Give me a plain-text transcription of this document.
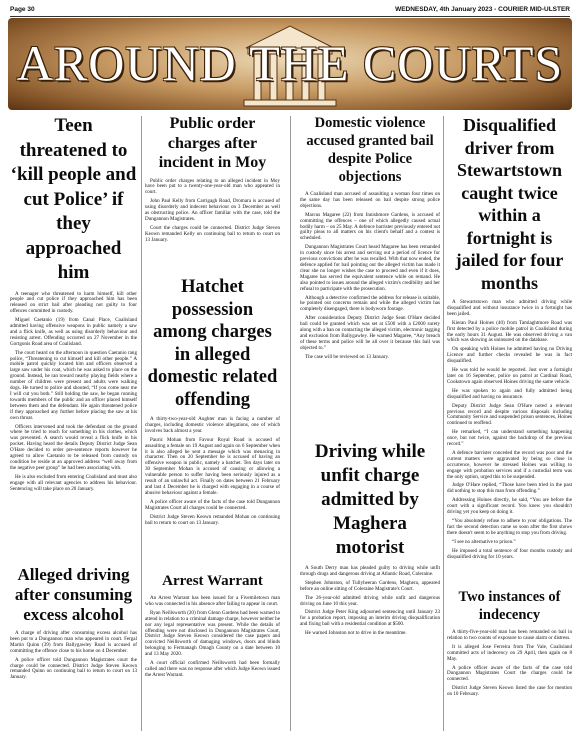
Page 30	WEDNESDAY, 4th January 2023 - COURIER MID-ULSTER
AROUND THE COURTS
Teen threatened to ‘kill people and cut Police’ if they approached him

A teenager who threatened to harm himself, kill other people and cut police if they approached him has been released on strict bail after pleading not guilty to four offences committed in custody.

Miguel Caetanio (19) from Canal Place, Coalisland admitted having offensive weapons in public namely a saw and a flick knife, as well as using disorderly behaviour and resisting arrest. Offending occurred on 27 November in the Gortgonis Road area of Coalisland.

The court heard on the afternoon in question Caetanio rang police, “Threatening to cut himself and kill other people.” A mobile patrol quickly located him and officers observed a large saw under his coat, which he was asked to place on the ground. Instead, he ran toward nearby playing fields where a number of children were present and adults were walking dogs. He turned to police and shouted, “If you come near me I will cut you both.” Still holding the saw, he began running towards members of the public and an officer placed himself between them and the defendant. He again threatened police if they approached any further before placing the saw at his own throat.

Officers intervened and took the defendant on the ground where he tried to reach for something in his clothes, which was prevented. A search would reveal a flick knife in his pocket. Having heard the details Deputy District Judge Sean O'Hare decided to order pre-sentence reports however he agreed to allow Caetanio to be released from custody on condition he reside at an approved address “well away from the negative peer group” he had been associating with.

He is also excluded from entering Coalisland and must also engage with all relevant agencies to address his behaviour. Sentencing will take place on 20 January.

Alleged driving after consuming excess alcohol

A charge of driving after consuming excess alcohol has been put to a Dungannon man who appeared in court. Fergal Martin Quinn (39) from Ballygawley Road is accused of committing the offence close to his home on 4 December.

A police officer told Dungannon Magistrates court the charge could be connected. District Judge Steven Keown remanded Quinn on continuing bail to return to court on 13 January.

Public order charges after incident in Moy

Public order charges relating to an alleged incident in Moy have been put to a twenty-one-year-old man who appeared in court.

John Paul Kelly from Carrigagh Road, Dromara is accused of using disorderly and indecent behaviour on 3 December as well as obstructing police. An officer familiar with the case, told the Dungannon Magistrates.

Court the charges could be connected. District Judge Steven Keown remanded Kelly on continuing bail to return to court on 13 January.

Hatchet possession among charges in alleged domestic related offending

A thirty-two-year-old Aughter man is facing a number of charges, including domestic violence allegations, one of which involves back almost a year.

Pauric Mohan from Favour Royal Road is accused of assaulting a female on 19 August and again on 6 September when it is also alleged he sent a message which was menacing in character. Then on 20 September he is accused of having an offensive weapon in public, namely a hatchet. Ten days later on 30 September Mohan is accused of causing or allowing a vulnerable person to suffer having been seriously injured as a result of an unlawful act. Finally on dates between 21 February and last 4 December he is charged with engaging in a course of abusive behaviour against a female.

A police officer aware of the facts of the case told Dungannon Magistrates Court all charges could be connected.

District Judge Steven Keown remanded Mohan on continuing bail to return to court on 13 January.

Arrest Warrant

An Arrest Warrant has been issued for a Fivemiletown man who was connected in his absence after failing to appear in court.

Ryan Neillsworth (20) from Glenn Gardens had been warned to attend in relation to a criminal damage charge, however neither he nor any legal representative was present. While the details of offending were not disclosed in Dungannon Magistrates Court, District Judge Steven Keown considered the case papers and convicted Neillsworth of damaging windows, doors and blinds belonging to Fermanagh Omagh County on a date between 10 and 13 May 2020.

A court official confirmed Neillsworth had been formally called and there was no response after which Judge Keown issued the Arrest Warrant.

Domestic violence accused granted bail despite Police objections

A Coalisland man accused of assaulting a woman four times on the same day has been released on bail despite strong police objections.

Marcus Magaree (22) from Innishmore Gardens, is accused of committing the offences – one of which allegedly caused actual bodily harm – on 25 May. A defence barrister previously entered not guilty pleas to all matters on his client's behalf and a contest is scheduled.

Dungannon Magistrates Court heard Magaree has been remanded in custody since his arrest and serving out a period of licence for previous convictions after he was recalled. With that now ended, the defence applied for bail pointing out the alleged victim has made it clear she no longer wishes the case to proceed and even if it does, Magaree has served the equivalent sentence while on remand. He also pointed to issues around the alleged victim's credibility and her refusal to participate with the prosecution.

Although a detective confirmed the address for release is suitable, he pointed out concerns remain and while the alleged victim has completely disengaged, there is bodyworn footage.

After consideration Deputy District Judge Sean O'Hare decided bail could be granted which was set at £500 with a £2000 surety along with a ban on contacting the alleged victim, electronic tagging and exclusion from Ballygawley. He warned Magaree, “Any breach of these terms and police will be all over it because this bail was objected to.”

The case will be reviewed on 13 January.

Driving while unfit charge admitted by Maghera motorist

A South Derry man has pleaded guilty to driving while unfit through drugs and dangerous driving at Atlantic Road, Coleraine.

Stephen Johnston, of Tullyheeran Gardens, Maghera, appeared before an online sitting of Coleraine Magistrate's Court.

The 26-year-old admitted driving while unfit and dangerous driving on June 10 this year.

District Judge Peter King adjourned sentencing until January 23 for a probation report, imposing an interim driving disqualification and fixing bail with a residential condition at $500.

He warned Johnston not to drive in the meantime.

Disqualified driver from Stewartstown caught twice within a fortnight is jailed for four months

A Stewartstown man who admitted driving while disqualified and without insurance twice in a fortnight has been jailed.

Kieran Paul Hoines (40) from Tamlaghtmore Road was first detected by a police mobile patrol in Coalisland during the early hours 31 August. He was observed driving a van which was showing as uninsured on the database.

On speaking with Hoines he admitted having no Driving Licence and further checks revealed he was in fact disqualified.

He was told he would be reported. Just over a fortnight later on 16 September, police on patrol at Cardinal Road, Cookstown again observed Hoines driving the same vehicle.

He was spoken to again and fully admitted being disqualified and having no insurance.

Deputy District Judge Sean O'Hare noted a relevant previous record and despite various disposals including Community Service and suspended prison sentences, Hoines continued to reoffend.

He remarked, “I can understand something happening once, but not twice, against the backdrop of the previous record.”

A defence barrister conceded the record was poor and the current matters were aggravated by being so close in occurrence, however he stressed Hoines was willing to engage with probation services and if a custodial term was the only option, urged this to be suspended.

Judge O'Hare replied, “Those have been tried in the past did nothing to stop this man from offending.”

Addressing Hoines directly, he said, “You are before the court with a significant record. You knew you shouldn't driving yet you keep on doing it.

“You absolutely refuse to adhere to your obligations. The fact the second detection came so soon after the first shows there doesn't seem to be anything to stop you from driving.

“I see no alternative to prison.”

He imposed a total sentence of four months custody and disqualified driving for 10 years.

Two instances of indecency

A thirty-five-year-old man has been remanded on bail in relation to two counts of exposure to cause alarm or distress.

It is alleged Jose Ferreira from The Vale, Coalisland committed acts of indecency on 29 April, then again on 8 May.

A police officer aware of the facts of the case told Dungannon Magistrates Court the charges could be connected.

District Judge Steven Keown listed the case for mention on 10 February.
